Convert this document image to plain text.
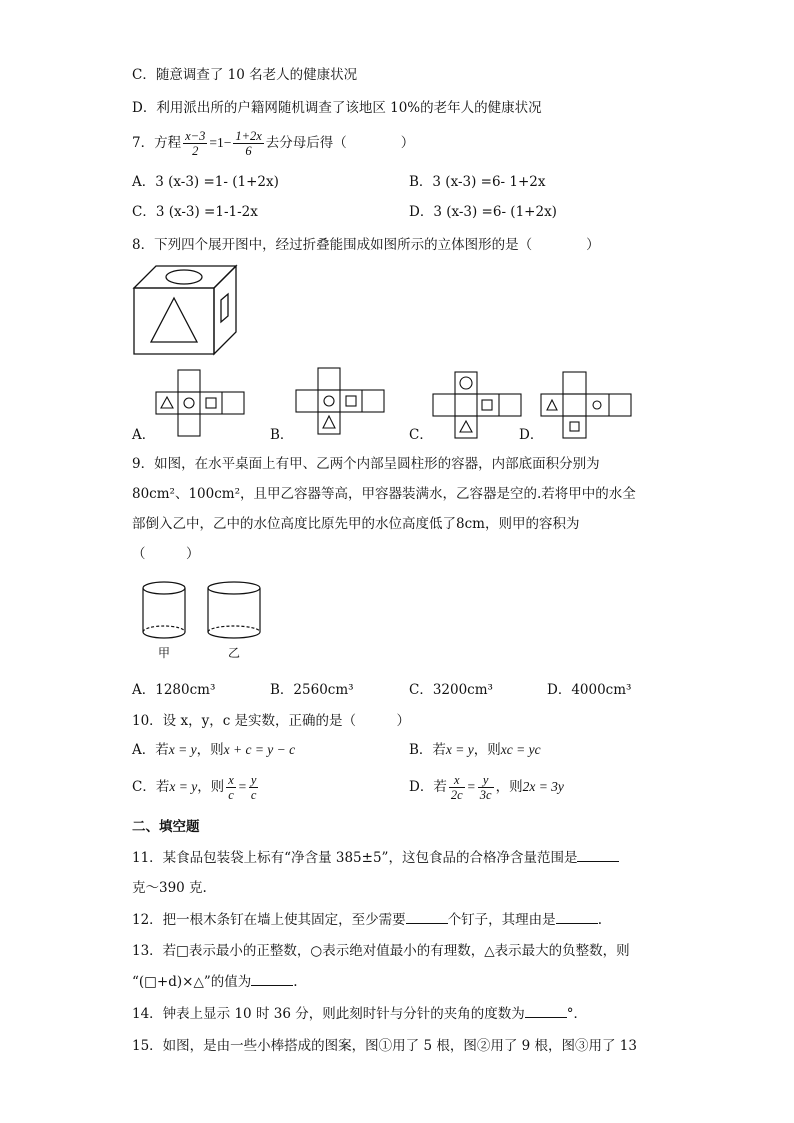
C．随意调查了 10 名老人的健康状况
D．利用派出所的户籍网随机调查了该地区 10%的老年人的健康状况
7．方程 $\frac{x-3}{2} =1- \frac{1+2x}{6}$ 去分母后得（　　　　）
A．3 (x-3) =1- (1+2x)	B．3 (x-3) =6- 1+2x
C．3 (x-3) =1-1-2x	D．3 (x-3) =6- (1+2x)
8．下列四个展开图中，经过折叠能围成如图所示的立体图形的是（　　　　）
A．	B．	C．	D．
9．如图，在水平桌面上有甲、乙两个内部呈圆柱形的容器，内部底面积分别为
80cm²、100cm²，且甲乙容器等高，甲容器装满水，乙容器是空的.若将甲中的水全
部倒入乙中，乙中的水位高度比原先甲的水位高度低了8cm，则甲的容积为
（　　　）
甲	乙
A．1280cm³	B．2560cm³	C．3200cm³	D．4000cm³
10．设 x，y，c 是实数，正确的是（　　　）
A．若x = y，则x + c = y − c	B．若x = y，则xc = yc
C．若x = y，则 $\frac{x}{c} = \frac{y}{c}$	D．若 $\frac{x}{2c} = \frac{y}{3c}$ ，则2x = 3y
二、填空题
11．某食品包装袋上标有“净含量 385±5”，这包食品的合格净含量范围是
克～390 克.
12．把一根木条钉在墙上使其固定，至少需要	个钉子，其理由是	.
13．若□表示最小的正整数，○表示绝对值最小的有理数，△表示最大的负整数，则
“(□+d)×△”的值为	.
14．钟表上显示 10 时 36 分，则此刻时针与分针的夹角的度数为	°．
15．如图，是由一些小棒搭成的图案，图①用了 5 根，图②用了 9 根，图③用了 13
